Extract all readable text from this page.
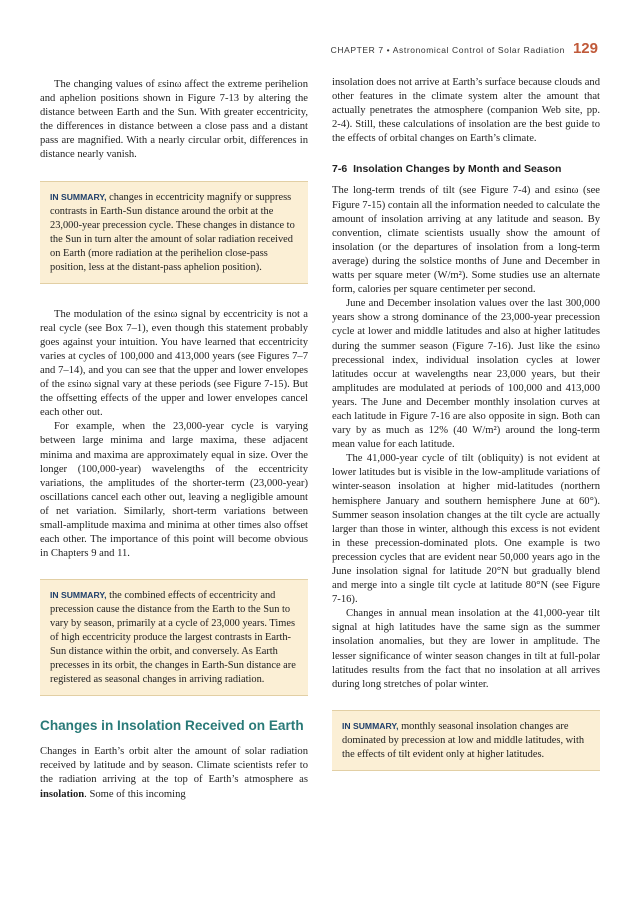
CHAPTER 7 • Astronomical Control of Solar Radiation 129

The changing values of εsinω affect the extreme perihelion and aphelion positions shown in Figure 7-13 by altering the distance between Earth and the Sun. With greater eccentricity, the differences in distance between a close pass and a distant pass are magnified. With a nearly circular orbit, differences in distance nearly vanish.

IN SUMMARY, changes in eccentricity magnify or suppress contrasts in Earth-Sun distance around the orbit at the 23,000-year precession cycle. These changes in distance to the Sun in turn alter the amount of solar radiation received on Earth (more radiation at the perihelion close-pass position, less at the distant-pass aphelion position).

The modulation of the εsinω signal by eccentricity is not a real cycle (see Box 7–1), even though this statement probably goes against your intuition. You have learned that eccentricity varies at cycles of 100,000 and 413,000 years (see Figures 7–7 and 7–14), and you can see that the upper and lower envelopes of the εsinω signal vary at these periods (see Figure 7-15). But the offsetting effects of the upper and lower envelopes cancel each other out.

For example, when the 23,000-year cycle is varying between large minima and large maxima, these adjacent minima and maxima are approximately equal in size. Over the longer (100,000-year) wavelengths of the eccentricity variations, the amplitudes of the shorter-term (23,000-year) oscillations cancel each other out, leaving a negligible amount of net variation. Similarly, short-term variations between small-amplitude maxima and minima at other times also offset each other. The importance of this point will become obvious in Chapters 9 and 11.

IN SUMMARY, the combined effects of eccentricity and precession cause the distance from the Earth to the Sun to vary by season, primarily at a cycle of 23,000 years. Times of high eccentricity produce the largest contrasts in Earth-Sun distance within the orbit, and conversely. As Earth precesses in its orbit, the changes in Earth-Sun distance are registered as seasonal changes in arriving radiation.
Changes in Insolation Received on Earth

Changes in Earth’s orbit alter the amount of solar radiation received by latitude and by season. Climate scientists refer to the radiation arriving at the top of Earth’s atmosphere as insolation. Some of this incoming

insolation does not arrive at Earth’s surface because clouds and other features in the climate system alter the amount that actually penetrates the atmosphere (companion Web site, pp. 2-4). Still, these calculations of insolation are the best guide to the effects of orbital changes on Earth’s climate.

7-6 Insolation Changes by Month and Season

The long-term trends of tilt (see Figure 7-4) and εsinω (see Figure 7-15) contain all the information needed to calculate the amount of insolation arriving at any latitude and season. By convention, climate scientists usually show the amount of insolation (or the departures of insolation from a long-term average) during the solstice months of June and December in watts per square meter (W/m²). Some studies use an alternate form, calories per square centimeter per second.

June and December insolation values over the last 300,000 years show a strong dominance of the 23,000-year precession cycle at lower and middle latitudes and also at higher latitudes during the summer season (Figure 7-16). Just like the εsinω precessional index, individual insolation cycles at lower latitudes occur at wavelengths near 23,000 years, but their amplitudes are modulated at periods of 100,000 and 413,000 years. The June and December monthly insolation curves at each latitude in Figure 7-16 are also opposite in sign. Both can vary by as much as 12% (40 W/m²) around the long-term mean value for each latitude.

The 41,000-year cycle of tilt (obliquity) is not evident at lower latitudes but is visible in the low-amplitude variations of winter-season insolation at higher mid-latitudes (northern hemisphere January and southern hemisphere June at 60°). Summer season insolation changes at the tilt cycle are actually larger than those in winter, although this excess is not evident in these precession-dominated plots. One example is two precession cycles that are evident near 50,000 years ago in the June insolation signal for latitude 20°N but gradually blend and merge into a single tilt cycle at latitude 80°N (see Figure 7-16).

Changes in annual mean insolation at the 41,000-year tilt signal at high latitudes have the same sign as the summer insolation anomalies, but they are lower in amplitude. The lesser significance of winter season changes in tilt at full-polar latitudes results from the fact that no insolation at all arrives during long stretches of polar winter.

IN SUMMARY, monthly seasonal insolation changes are dominated by precession at low and middle latitudes, with the effects of tilt evident only at higher latitudes.
